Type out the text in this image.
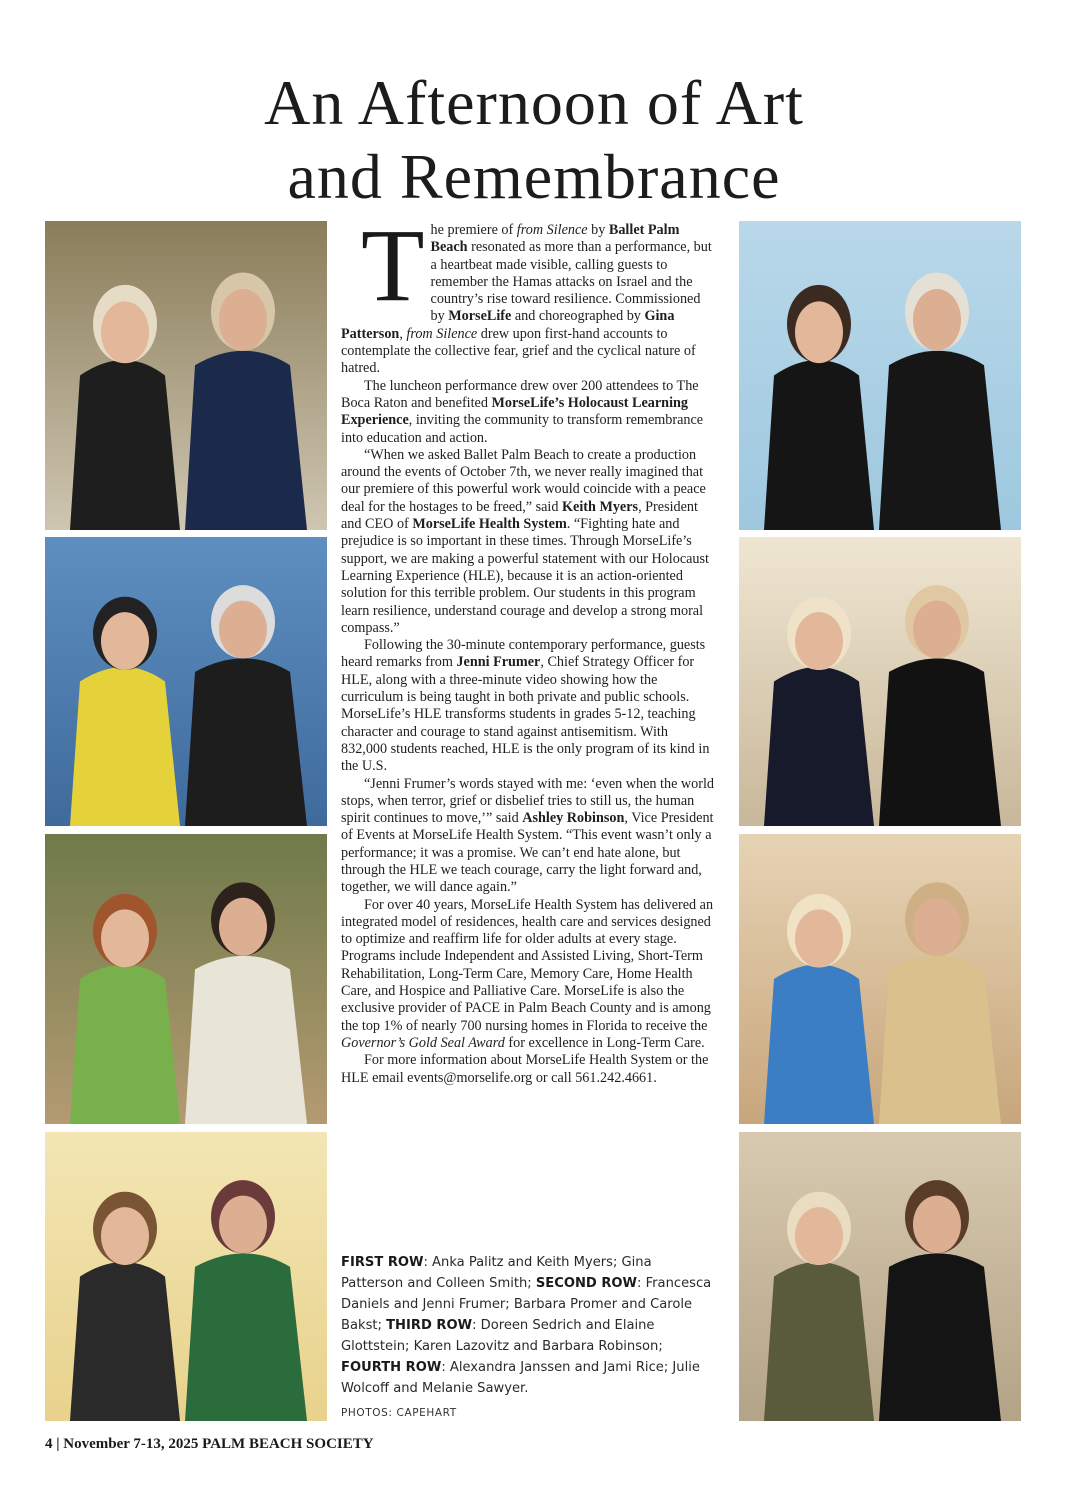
An Afternoon of Art
and Remembrance

The premiere of from Silence by Ballet Palm Beach resonated as more than a performance, but a heartbeat made visible, calling guests to remember the Hamas attacks on Israel and the country’s rise toward resilience. Commissioned by MorseLife and choreographed by Gina Patterson, from Silence drew upon first-hand accounts to contemplate the collective fear, grief and the cyclical nature of hatred.

The luncheon performance drew over 200 attendees to The Boca Raton and benefited MorseLife’s Holocaust Learning Experience, inviting the community to transform remembrance into education and action.

“When we asked Ballet Palm Beach to create a production around the events of October 7th, we never really imagined that our premiere of this powerful work would coincide with a peace deal for the hostages to be freed,” said Keith Myers, President and CEO of MorseLife Health System. “Fighting hate and prejudice is so important in these times. Through MorseLife’s support, we are making a powerful statement with our Holocaust Learning Experience (HLE), because it is an action-oriented solution for this terrible problem. Our students in this program learn resilience, understand courage and develop a strong moral compass.”

Following the 30-minute contemporary performance, guests heard remarks from Jenni Frumer, Chief Strategy Officer for HLE, along with a three-minute video showing how the curriculum is being taught in both private and public schools. MorseLife’s HLE transforms students in grades 5-12, teaching character and courage to stand against antisemitism. With 832,000 students reached, HLE is the only program of its kind in the U.S.

“Jenni Frumer’s words stayed with me: ‘even when the world stops, when terror, grief or disbelief tries to still us, the human spirit continues to move,’” said Ashley Robinson, Vice President of Events at MorseLife Health System. “This event wasn’t only a performance; it was a promise. We can’t end hate alone, but through the HLE we teach courage, carry the light forward and, together, we will dance again.”

For over 40 years, MorseLife Health System has delivered an integrated model of residences, health care and services designed to optimize and reaffirm life for older adults at every stage. Programs include Independent and Assisted Living, Short-Term Rehabilitation, Long-Term Care, Memory Care, Home Health Care, and Hospice and Palliative Care. MorseLife is also the exclusive provider of PACE in Palm Beach County and is among the top 1% of nearly 700 nursing homes in Florida to receive the Governor’s Gold Seal Award for excellence in Long-Term Care.

For more information about MorseLife Health System or the HLE email events@morselife.org or call 561.242.4661.

FIRST ROW: Anka Palitz and Keith Myers; Gina Patterson and Colleen Smith; SECOND ROW: Francesca Daniels and Jenni Frumer; Barbara Promer and Carole Bakst; THIRD ROW: Doreen Sedrich and Elaine Glottstein; Karen Lazovitz and Barbara Robinson; FOURTH ROW: Alexandra Janssen and Jami Rice; Julie Wolcoff and Melanie Sawyer.
PHOTOS: CAPEHART
4 | November 7-13, 2025 PALM BEACH SOCIETY
